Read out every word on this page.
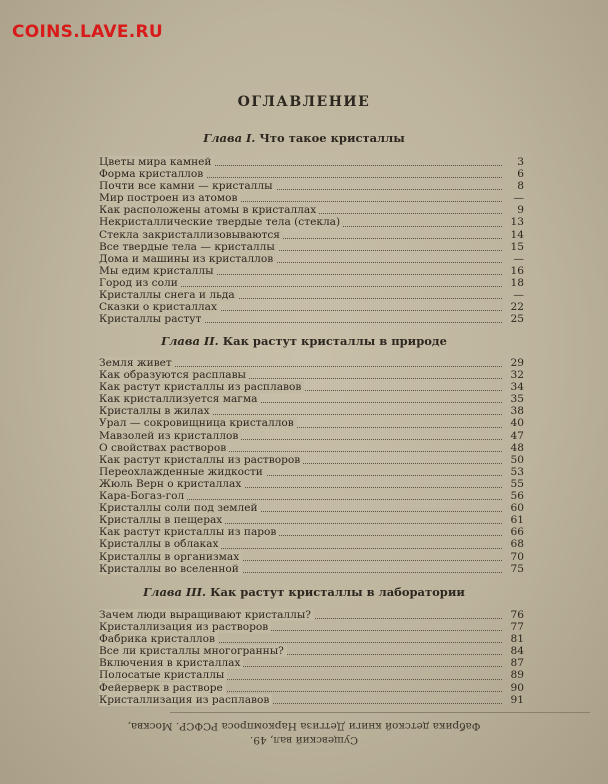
COINS.LAVE.RU
ОГЛАВЛЕНИЕ
Глава I. Что такое кристаллы
Цветы мира камней	3
Форма кристаллов	6
Почти все камни — кристаллы	8
Мир построен из атомов	—
Как расположены атомы в кристаллах	9
Некристаллические твердые тела (стекла)	13
Стекла закристаллизовываются	14
Все твердые тела — кристаллы	15
Дома и машины из кристаллов	—
Мы едим кристаллы	16
Город из соли	18
Кристаллы снега и льда	—
Сказки о кристаллах	22
Кристаллы растут	25
Глава II. Как растут кристаллы в природе
Земля живет	29
Как образуются расплавы	32
Как растут кристаллы из расплавов	34
Как кристаллизуется магма	35
Кристаллы в жилах	38
Урал — сокровищница кристаллов	40
Мавзолей из кристаллов	47
О свойствах растворов	48
Как растут кристаллы из растворов	50
Переохлажденные жидкости	53
Жюль Верн о кристаллах	55
Кара-Богаз-гол	56
Кристаллы соли под землей	60
Кристаллы в пещерах	61
Как растут кристаллы из паров	66
Кристаллы в облаках	68
Кристаллы в организмах	70
Кристаллы во вселенной	75
Глава III. Как растут кристаллы в лаборатории
Зачем люди выращивают кристаллы?	76
Кристаллизация из растворов	77
Фабрика кристаллов	81
Все ли кристаллы многогранны?	84
Включения в кристаллах	87
Полосатые кристаллы	89
Фейерверк в растворе	90
Кристаллизация из расплавов	91
Сущевский вал, 49.
Фабрика детской книги Детгиза Наркомпроса РСФСР. Москва,
